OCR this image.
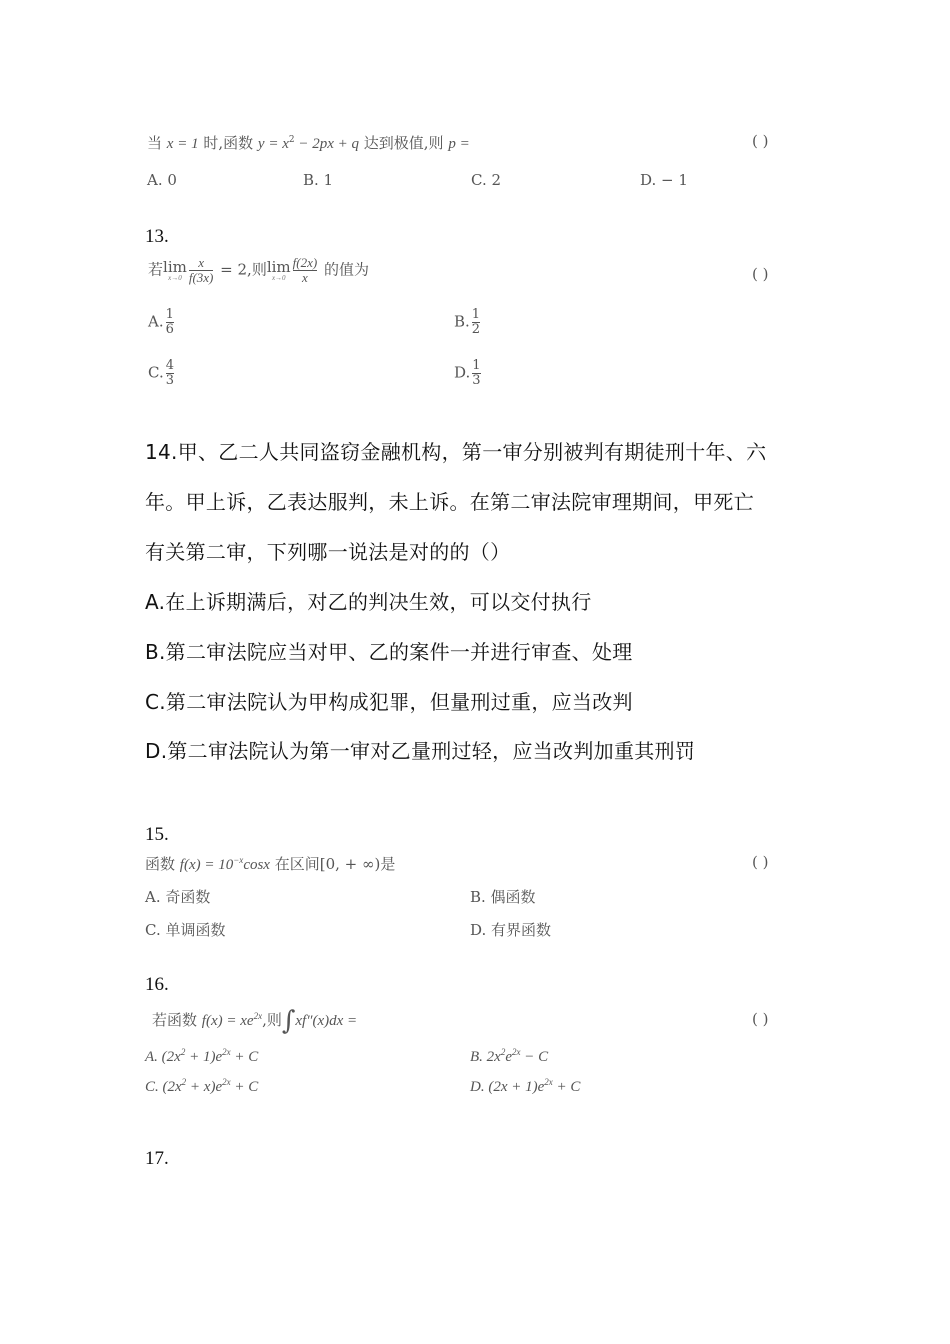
当 x = 1 时,函数 $y = x^2 - 2px + q$ 达到极值,则 p =	( )
A. 0	B. 1	C. 2	D. − 1
13.
若 lim
$x\to 0 \frac{x}{f(3x)} = 2$,则 lim
$x\to 0 \frac{f(2x)}{x}$ 的值为	( )
A. $\frac{1}{6}$	B. $\frac{1}{2}$
C. $\frac{4}{3}$	D. $\frac{1}{3}$
14.甲、乙二人共同盗窃金融机构，第一审分别被判有期徒刑十年、六
年。甲上诉，乙表达服判，未上诉。在第二审法院审理期间，甲死亡
有关第二审，下列哪一说法是对的的（）
A.在上诉期满后，对乙的判决生效，可以交付执行
B.第二审法院应当对甲、乙的案件一并进行审查、处理
C.第二审法院认为甲构成犯罪，但量刑过重，应当改判
D.第二审法院认为第一审对乙量刑过轻，应当改判加重其刑罚
15.
函数 $f(x) = 10^{-x}\cos x$ 在区间[0, + ∞)是	( )
A. 奇函数	B. 偶函数
C. 单调函数	D. 有界函数
16.
若函数 $f(x) = xe^{2x}$,则∫xf″(x)dx =	( )
A. $(2x^2 + 1)e^{2x} + C$	B. $2x^2e^{2x} - C$
C. $(2x^2 + x)e^{2x} + C$	D. $(2x + 1)e^{2x} + C$
17.
